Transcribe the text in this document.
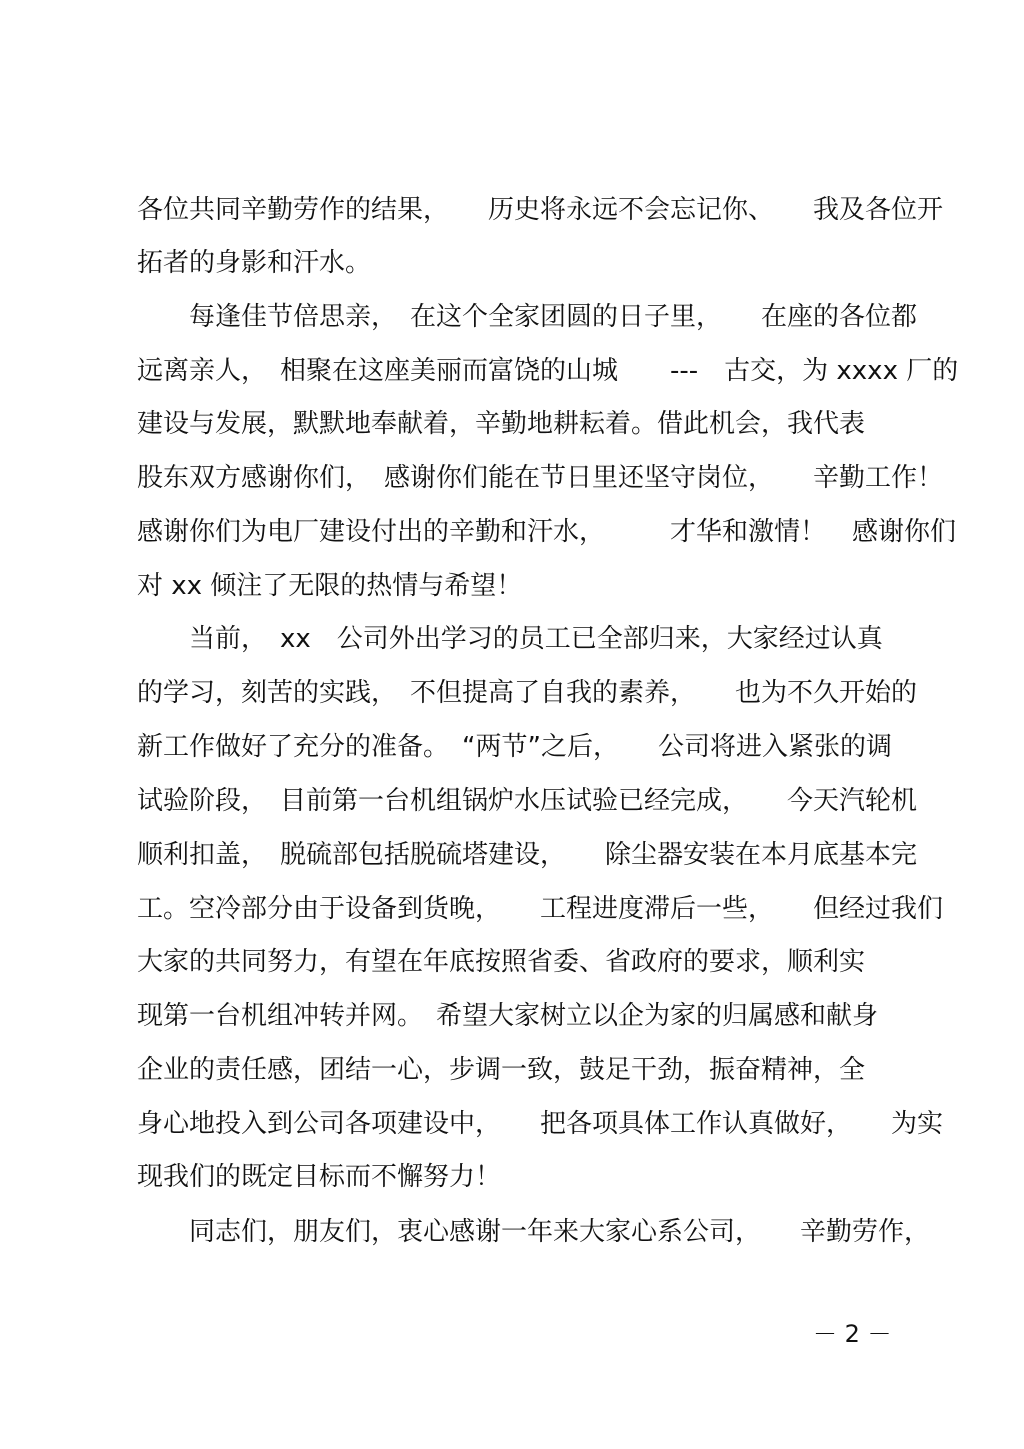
各位共同辛勤劳作的结果，　　历史将永远不会忘记你、　　我及各位开
拓者的身影和汗水。
　　每逢佳节倍思亲，　在这个全家团圆的日子里，　　在座的各位都
远离亲人，　相聚在这座美丽而富饶的山城　　---　古交，为 xxxx 厂的
建设与发展，默默地奉献着，辛勤地耕耘着。借此机会，我代表
股东双方感谢你们，　感谢你们能在节日里还坚守岗位，　　辛勤工作！
感谢你们为电厂建设付出的辛勤和汗水，　　　才华和激情！　感谢你们
对 xx 倾注了无限的热情与希望！
　　当前，　xx　公司外出学习的员工已全部归来，大家经过认真
的学习，刻苦的实践，　不但提高了自我的素养，　　也为不久开始的
新工作做好了充分的准备。　“两节”之后，　　公司将进入紧张的调
试验阶段，　目前第一台机组锅炉水压试验已经完成，　　今天汽轮机
顺利扣盖，　脱硫部包括脱硫塔建设，　　除尘器安装在本月底基本完
工。空冷部分由于设备到货晚，　　工程进度滞后一些，　　但经过我们
大家的共同努力，有望在年底按照省委、省政府的要求，顺利实
现第一台机组冲转并网。　希望大家树立以企为家的归属感和献身
企业的责任感，团结一心，步调一致，鼓足干劲，振奋精神，全
身心地投入到公司各项建设中，　　把各项具体工作认真做好，　　为实
现我们的既定目标而不懈努力！
　　同志们，朋友们，衷心感谢一年来大家心系公司，　　辛勤劳作，
－ 2 －
